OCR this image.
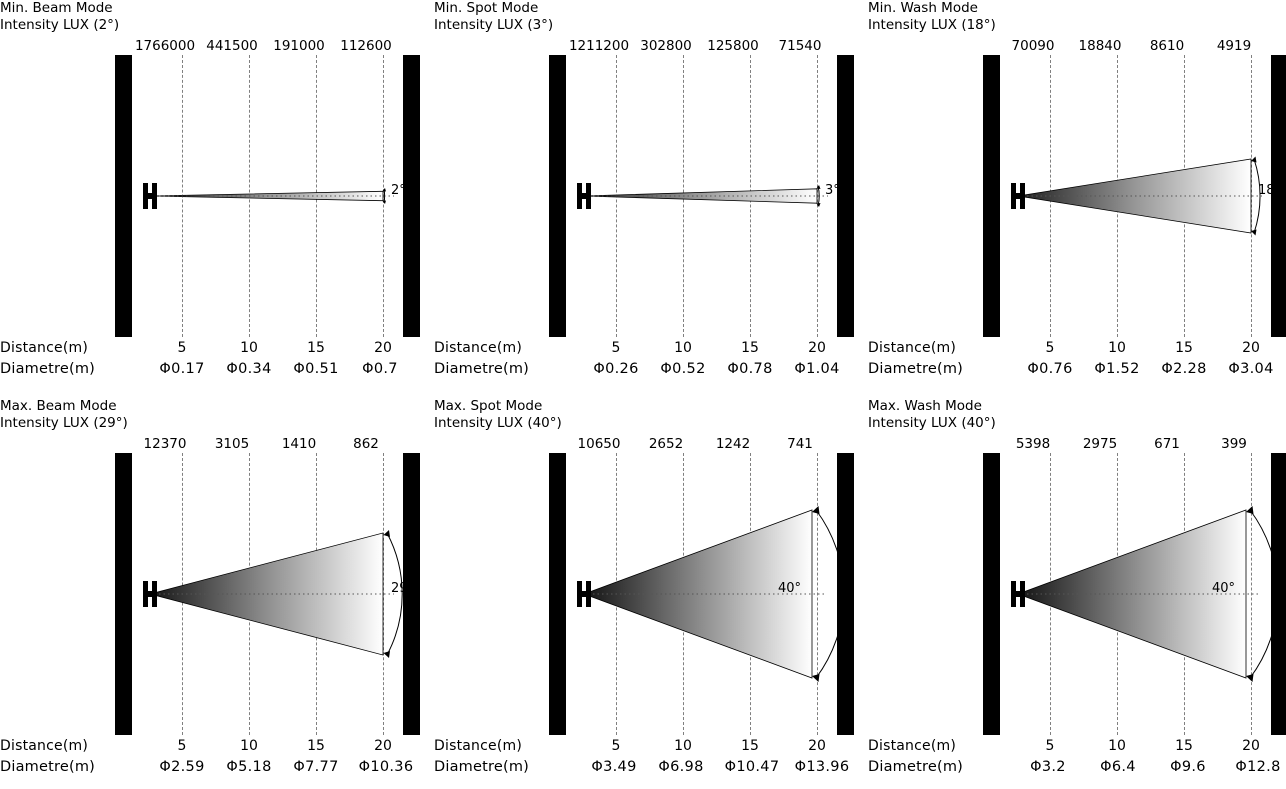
Min. Beam Mode
Intensity LUX (2°)
1766000 441500 191000 112600
2°
Distance(m)	5	10	15	20
Diametre(m)	Φ0.17 Φ0.34 Φ0.51 Φ0.7
Min. Spot Mode
Intensity LUX (3°)
1211200 302800 125800 71540
3°
Distance(m)	5	10	15	20
Diametre(m)	Φ0.26 Φ0.52 Φ0.78 Φ1.04
Min. Wash Mode
Intensity LUX (18°)
70090 18840 8610 4919
18°
Distance(m)	5	10	15	20
Diametre(m)	Φ0.76 Φ1.52 Φ2.28 Φ3.04
Max. Beam Mode
Intensity LUX (29°)
12370 3105 1410	862
29°
Distance(m)	5	10	15	20
Diametre(m)	Φ2.59 Φ5.18 Φ7.77 Φ10.36
Max. Spot Mode
Intensity LUX (40°)
10650 2652 1242	741
40°
Distance(m)	5	10	15	20
Diametre(m)	Φ3.49 Φ6.98 Φ10.47 Φ13.96
Max. Wash Mode
Intensity LUX (40°)
5398 2975	671	399
40°
Distance(m)	5	10	15	20
Diametre(m)	Φ3.2 Φ6.4 Φ9.6 Φ12.8
